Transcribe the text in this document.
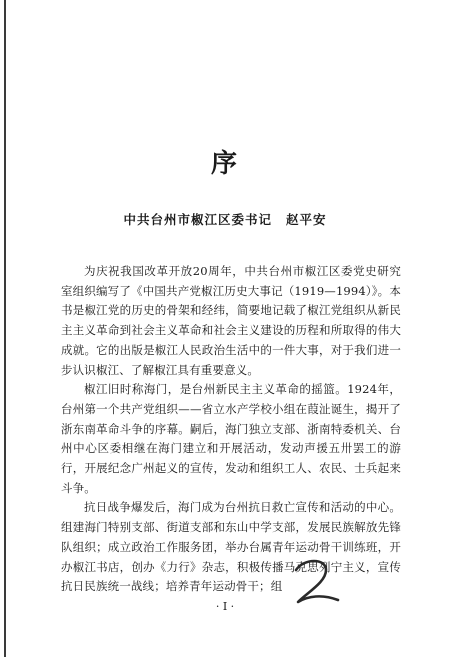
序
中共台州市椒江区委书记 赵平安

为庆祝我国改革开放20周年，中共台州市椒江区委党史研究室组织编写了《中国共产党椒江历史大事记（1919—1994）》。本书是椒江党的历史的骨架和经纬，简要地记载了椒江党组织从新民主主义革命到社会主义革命和社会主义建设的历程和所取得的伟大成就。它的出版是椒江人民政治生活中的一件大事，对于我们进一步认识椒江、了解椒江具有重要意义。

椒江旧时称海门，是台州新民主主义革命的摇篮。1924年，台州第一个共产党组织——省立水产学校小组在葭沚诞生，揭开了浙东南革命斗争的序幕。嗣后，海门独立支部、浙南特委机关、台州中心区委相继在海门建立和开展活动，发动声援五卅罢工的游行，开展纪念广州起义的宣传，发动和组织工人、农民、士兵起来斗争。

抗日战争爆发后，海门成为台州抗日救亡宣传和活动的中心。组建海门特别支部、街道支部和东山中学支部，发展民族解放先锋队组织；成立政治工作服务团，举办台属青年运动骨干训练班，开办椒江书店，创办《力行》杂志，积极传播马克思列宁主义，宣传抗日民族统一战线；培养青年运动骨干；组

· I ·
